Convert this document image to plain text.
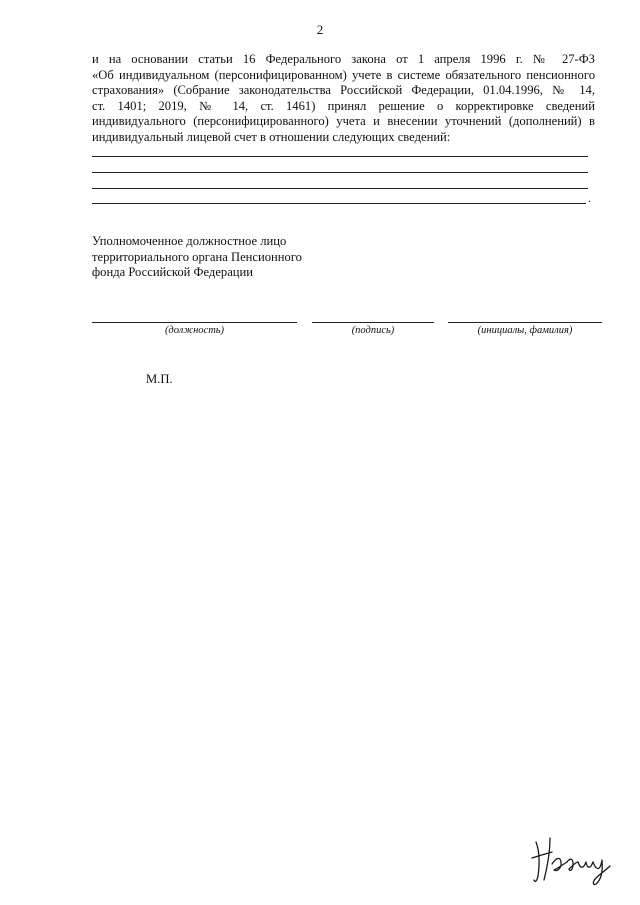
2
и на основании статьи 16 Федерального закона от 1 апреля 1996 г. № 27-ФЗ
«Об индивидуальном (персонифицированном) учете в системе обязательного пенсионного
страхования» (Собрание законодательства Российской Федерации, 01.04.1996, № 14,
ст. 1401; 2019, № 14, ст. 1461) принял решение о корректировке сведений
индивидуального (персонифицированного) учета и внесении уточнений (дополнений) в
индивидуальный лицевой счет в отношении следующих сведений:
.
Уполномоченное должностное лицо
территориального органа Пенсионного
фонда Российской Федерации
(должность)	(подпись)	(инициалы, фамилия)
М.П.
